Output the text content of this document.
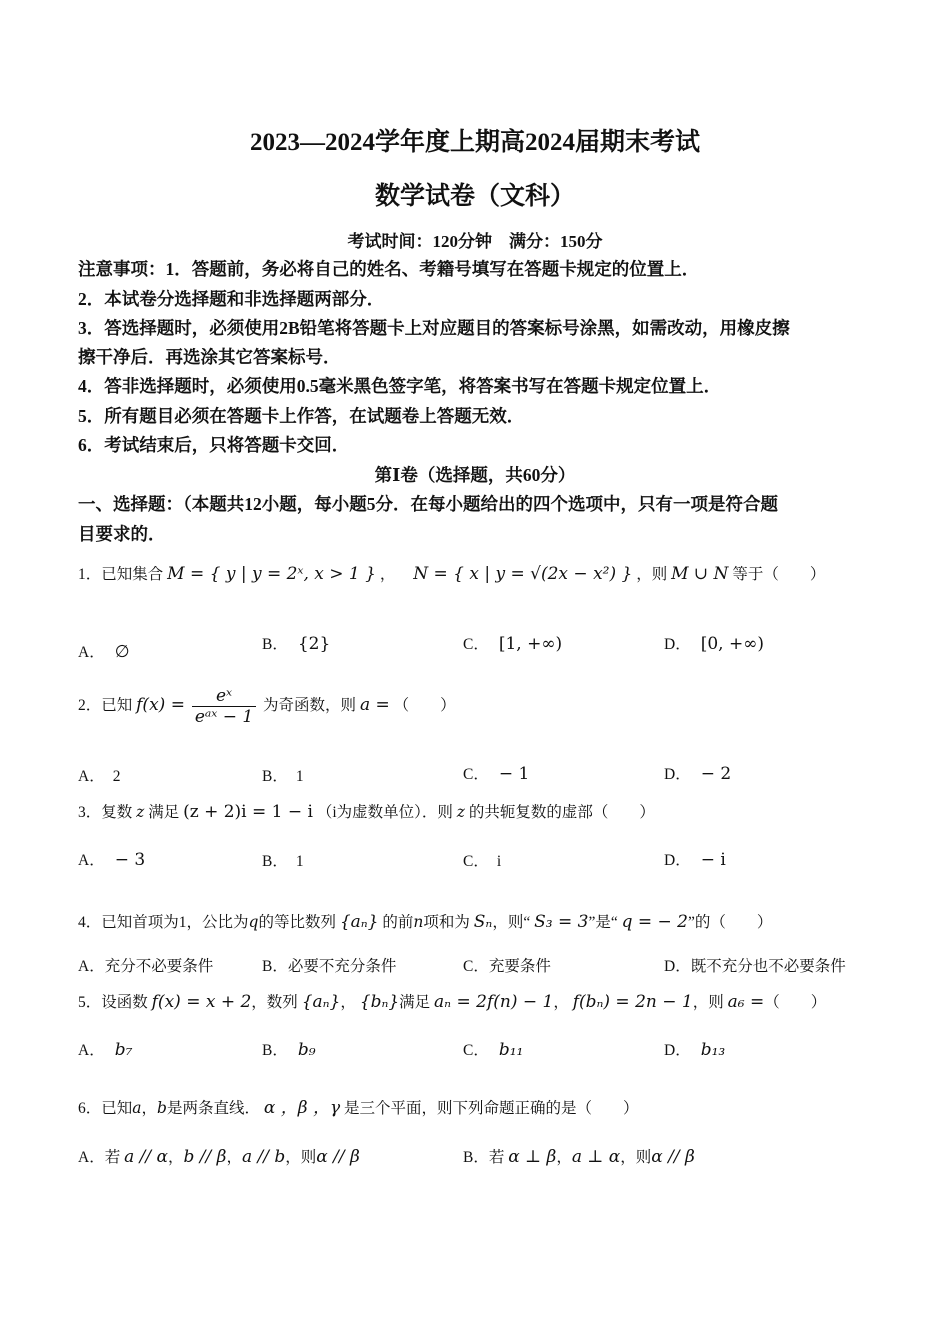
2023—2024学年度上期高2024届期末考试
数学试卷（文科）
考试时间：120分钟　满分：150分
注意事项：1．答题前，务必将自己的姓名、考籍号填写在答题卡规定的位置上．
2．本试卷分选择题和非选择题两部分．
3．答选择题时，必须使用2B铅笔将答题卡上对应题目的答案标号涂黑，如需改动，用橡皮擦
擦干净后．再选涂其它答案标号．
4．答非选择题时，必须使用0.5毫米黑色签字笔，将答案书写在答题卡规定位置上．
5．所有题目必须在答题卡上作答，在试题卷上答题无效．
6．考试结束后，只将答题卡交回．
第Ⅰ卷（选择题，共60分）
一、选择题：（本题共12小题，每小题5分．在每小题给出的四个选项中，只有一项是符合题
目要求的．
1．已知集合 M = { y | y = 2ˣ, x > 1 } ， N = { x | y = √(2x − x²) } ，则 M ∪ N 等于（　　）
A． ∅	B． {2}	C． [1, +∞)	D． [0, +∞)
2．已知 $f(x) = \frac{\text{eˣ}}{\text{eᵃˣ − 1}}$ 为奇函数，则 a = （　　）
A． 2	B． 1	C． − 1	D． − 2
3．复数 z 满足 (z + 2)i = 1 − i （i为虚数单位）．则 z 的共轭复数的虚部（　　）
A． − 3	B． 1	C． i	D． − i
4．已知首项为1，公比为q的等比数列 {aₙ} 的前n项和为 Sₙ，则“ S₃ = 3”是“ q = − 2”的（　　）
A．充分不必要条件	B．必要不充分条件	C．充要条件	D．既不充分也不必要条件
5．设函数 f(x) = x + 2，数列 {aₙ}， {bₙ}满足 aₙ = 2f(n) − 1， f(bₙ) = 2n − 1，则 a₆ =（　　）
A． b₇	B． b₉	C． b₁₁	D． b₁₃
6．已知a，b是两条直线． α ，β ，γ 是三个平面，则下列命题正确的是（　　）
A．若 a // α，b // β，a // b，则α // β	B．若 α ⊥ β，a ⊥ α，则α // β
